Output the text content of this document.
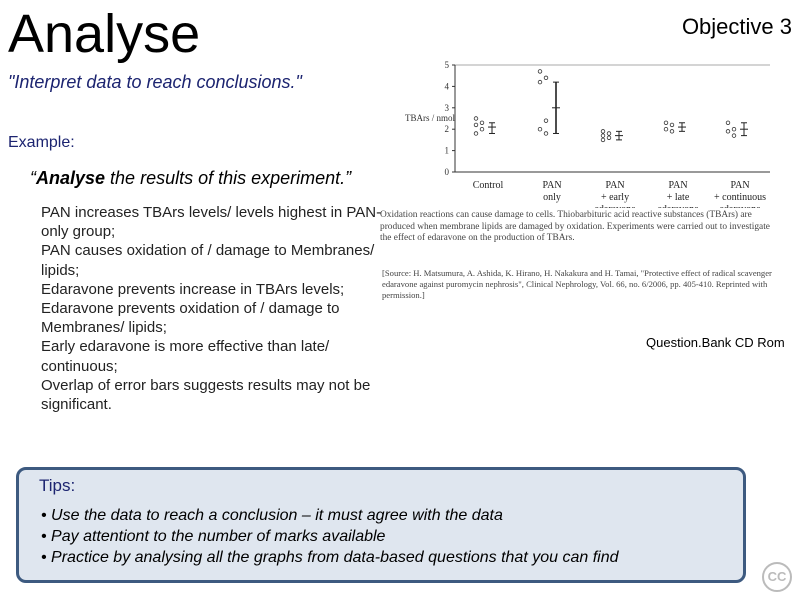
Analyse	Objective 3
"Interpret data to reach conclusions."
Example:
“Analyse the results of this experiment.”
PAN increases TBArs levels/ levels highest in PAN-only group;
PAN causes oxidation of / damage to Membranes/ lipids;
Edaravone prevents increase in TBArs levels;
Edaravone prevents oxidation of / damage to Membranes/ lipids;
Early edaravone is more effective than late/ continuous;
Overlap of error bars suggests results may not be significant.
0
1
2
3
4
5
TBArs / nmol
Control	PAN
only
PAN
+ early
PAN
+ late
PAN
+ continuous
Oxidation reactions can cause damage to cells. Thiobarbituric acid reactive substances (TBArs) are produced when membrane lipids are damaged by oxidation. Experiments were carried out to investigate the effect of edaravone on the production of TBArs.
[Source: H. Matsumura, A. Ashida, K. Hirano, H. Nakakura and H. Tamai, "Protective effect of radical scavenger edaravone against puromycin nephrosis", Clinical Nephrology, Vol. 66, no. 6/2006, pp. 405-410. Reprinted with permission.]
Question.Bank CD Rom
Tips:
• Use the data to reach a conclusion – it must agree with the data
• Pay attentiont to the number of marks available
• Practice by analysing all the graphs from data-based questions that you can find
CC
